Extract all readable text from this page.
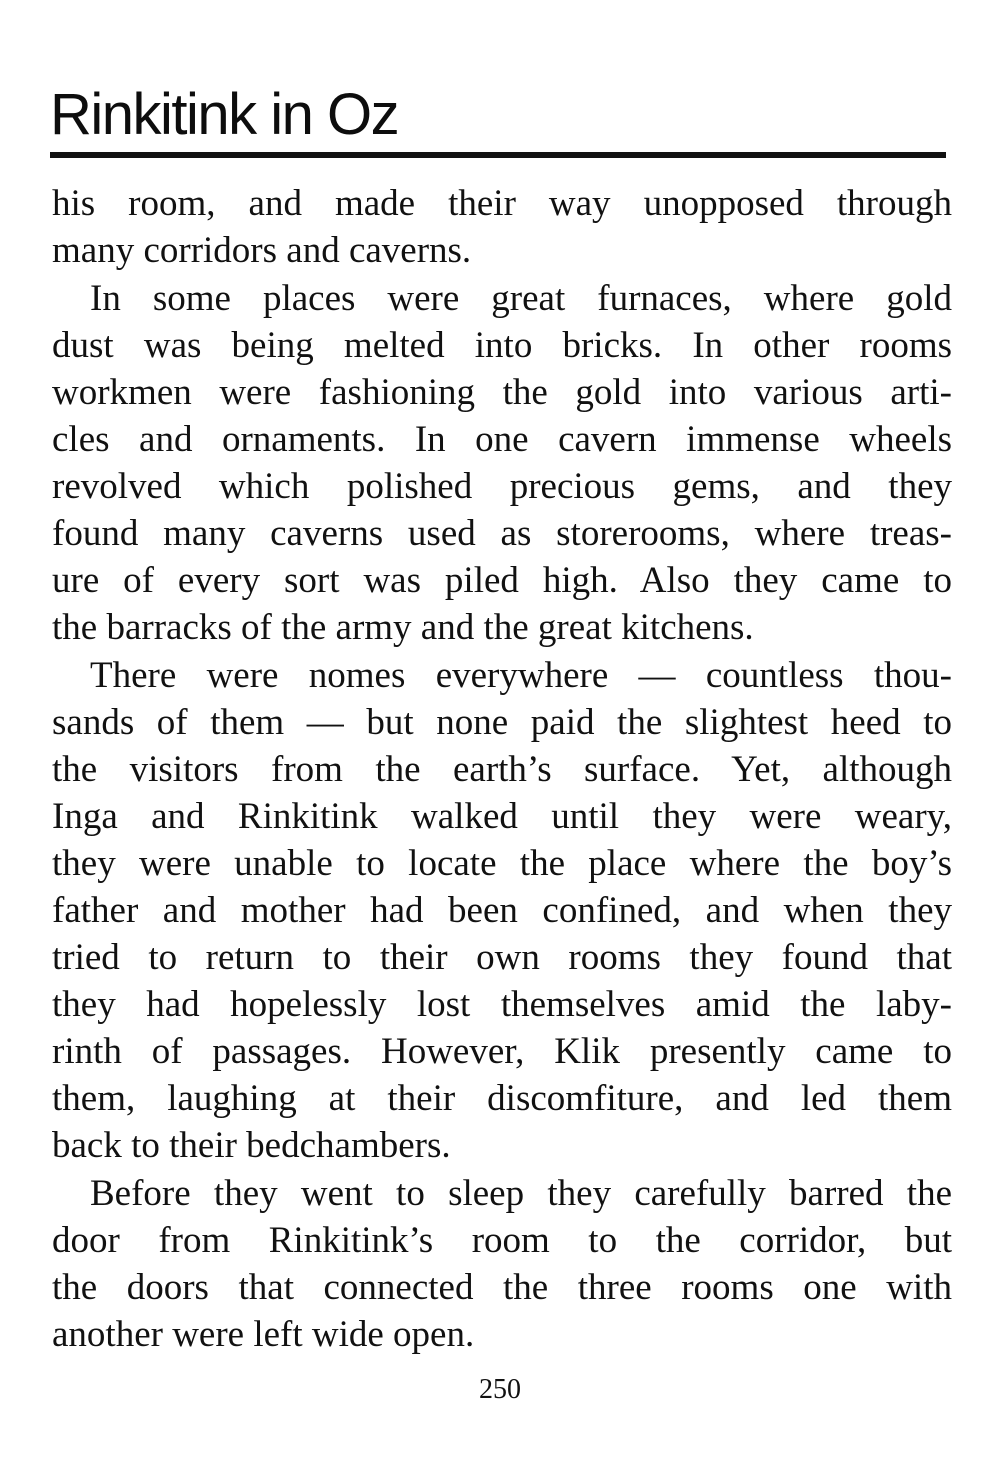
Rinkitink in Oz

his room, and made their way unopposed through
many corridors and caverns.

In some places were great furnaces, where gold
dust was being melted into bricks. In other rooms
workmen were fashioning the gold into various arti-
cles and ornaments. In one cavern immense wheels
revolved which polished precious gems, and they
found many caverns used as storerooms, where treas-
ure of every sort was piled high. Also they came to
the barracks of the army and the great kitchens.

There were nomes everywhere — countless thou-
sands of them — but none paid the slightest heed to
the visitors from the earth’s surface. Yet, although
Inga and Rinkitink walked until they were weary,
they were unable to locate the place where the boy’s
father and mother had been confined, and when they
tried to return to their own rooms they found that
they had hopelessly lost themselves amid the laby-
rinth of passages. However, Klik presently came to
them, laughing at their discomfiture, and led them
back to their bedchambers.

Before they went to sleep they carefully barred the
door from Rinkitink’s room to the corridor, but
the doors that connected the three rooms one with
another were left wide open.

250
